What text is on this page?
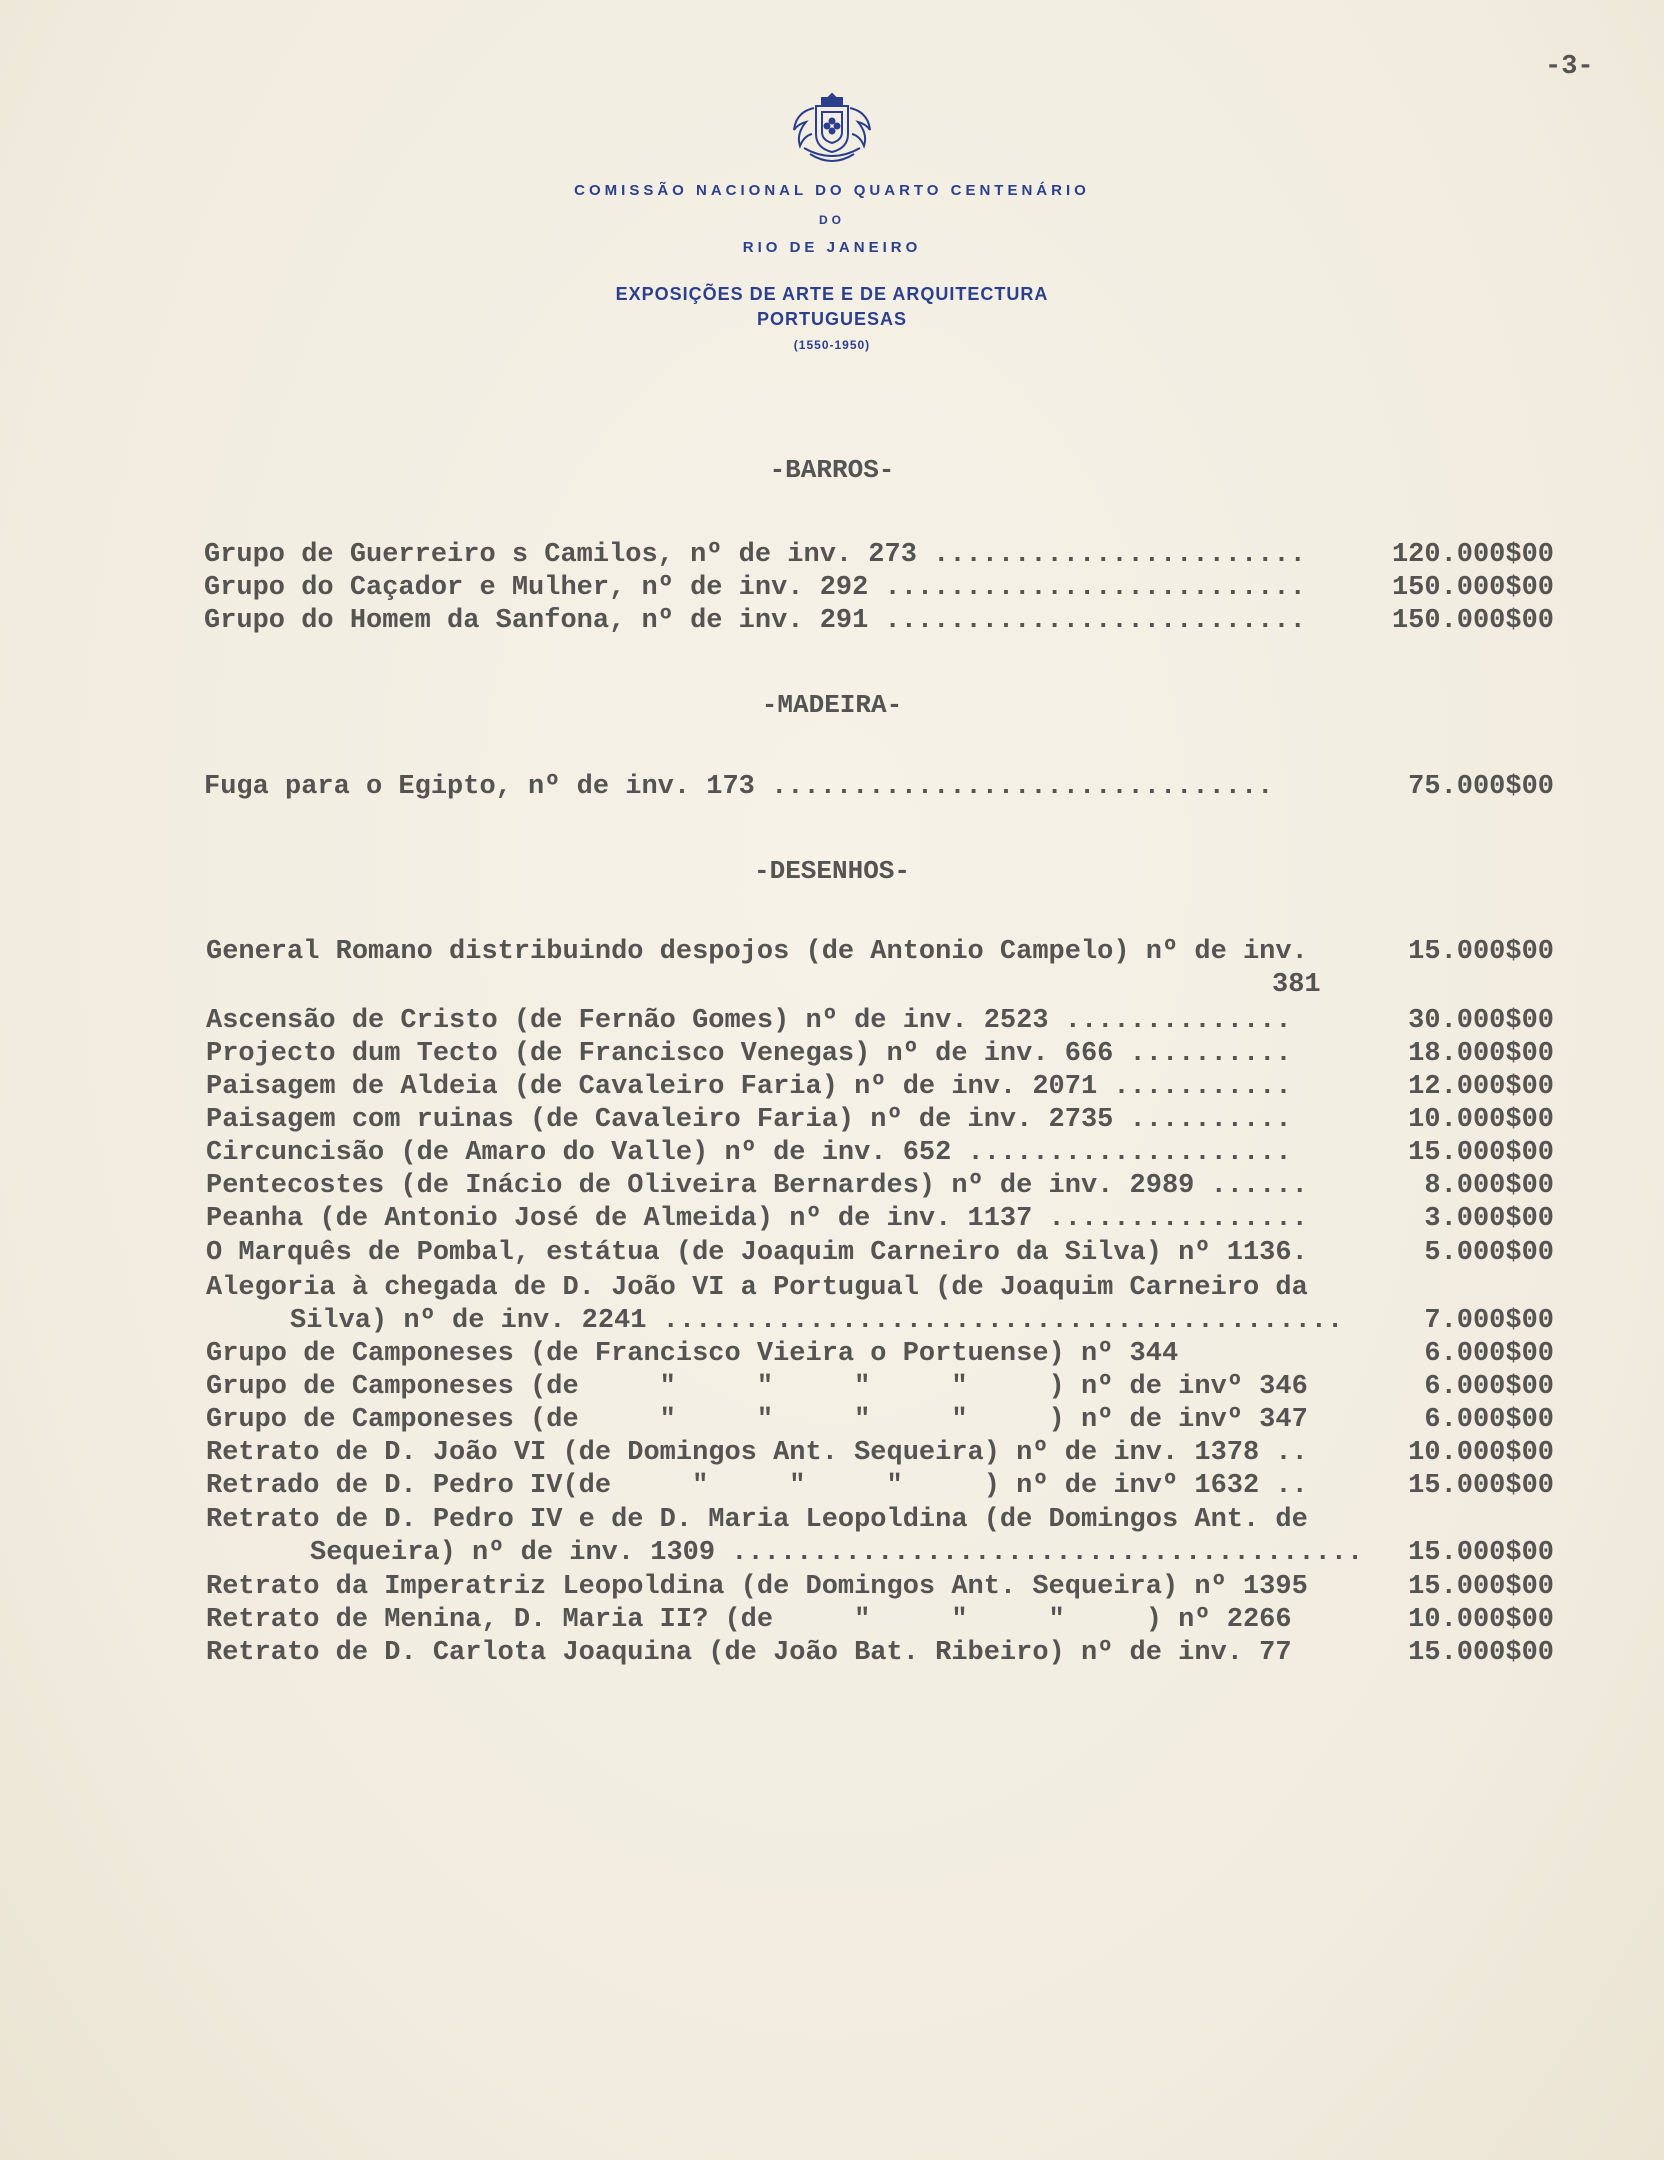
-3-
COMISSÃO NACIONAL DO QUARTO CENTENÁRIO
DO
RIO DE JANEIRO
EXPOSIÇÕES DE ARTE E DE ARQUITECTURA
PORTUGUESAS
(1550-1950)
-BARROS-
Grupo de Guerreiro s Camilos, nº de inv. 273 .......................	120.000$00
Grupo do Caçador e Mulher, nº de inv. 292 ..........................	150.000$00
Grupo do Homem da Sanfona, nº de inv. 291 ..........................	150.000$00
-MADEIRA-
Fuga para o Egipto, nº de inv. 173 ...............................	75.000$00
-DESENHOS-
General Romano distribuindo despojos (de Antonio Campelo) nº de inv.	15.000$00
381
Ascensão de Cristo (de Fernão Gomes) nº de inv. 2523 ..............	30.000$00
Projecto dum Tecto (de Francisco Venegas) nº de inv. 666 ..........	18.000$00
Paisagem de Aldeia (de Cavaleiro Faria) nº de inv. 2071 ...........	12.000$00
Paisagem com ruinas (de Cavaleiro Faria) nº de inv. 2735 ..........	10.000$00
Circuncisão (de Amaro do Valle) nº de inv. 652 ....................	15.000$00
Pentecostes (de Inácio de Oliveira Bernardes) nº de inv. 2989 ......	8.000$00
Peanha (de Antonio José de Almeida) nº de inv. 1137 ................	3.000$00
O Marquês de Pombal, estátua (de Joaquim Carneiro da Silva) nº 1136.	5.000$00
Alegoria à chegada de D. João VI a Portugual (de Joaquim Carneiro da
Silva) nº de inv. 2241 ..........................................	7.000$00
Grupo de Camponeses (de Francisco Vieira o Portuense) nº 344	6.000$00
Grupo de Camponeses (de     "     "     "     "     ) nº de invº 346	6.000$00
Grupo de Camponeses (de     "     "     "     "     ) nº de invº 347	6.000$00
Retrato de D. João VI (de Domingos Ant. Sequeira) nº de inv. 1378 ..	10.000$00
Retrado de D. Pedro IV(de     "     "     "     ) nº de invº 1632 ..	15.000$00
Retrato de D. Pedro IV e de D. Maria Leopoldina (de Domingos Ant. de
Sequeira) nº de inv. 1309 ....................................... 15.000$00
Retrato da Imperatriz Leopoldina (de Domingos Ant. Sequeira) nº 1395	15.000$00
Retrato de Menina, D. Maria II? (de     "     "     "     ) nº 2266	10.000$00
Retrato de D. Carlota Joaquina (de João Bat. Ribeiro) nº de inv. 77	15.000$00
